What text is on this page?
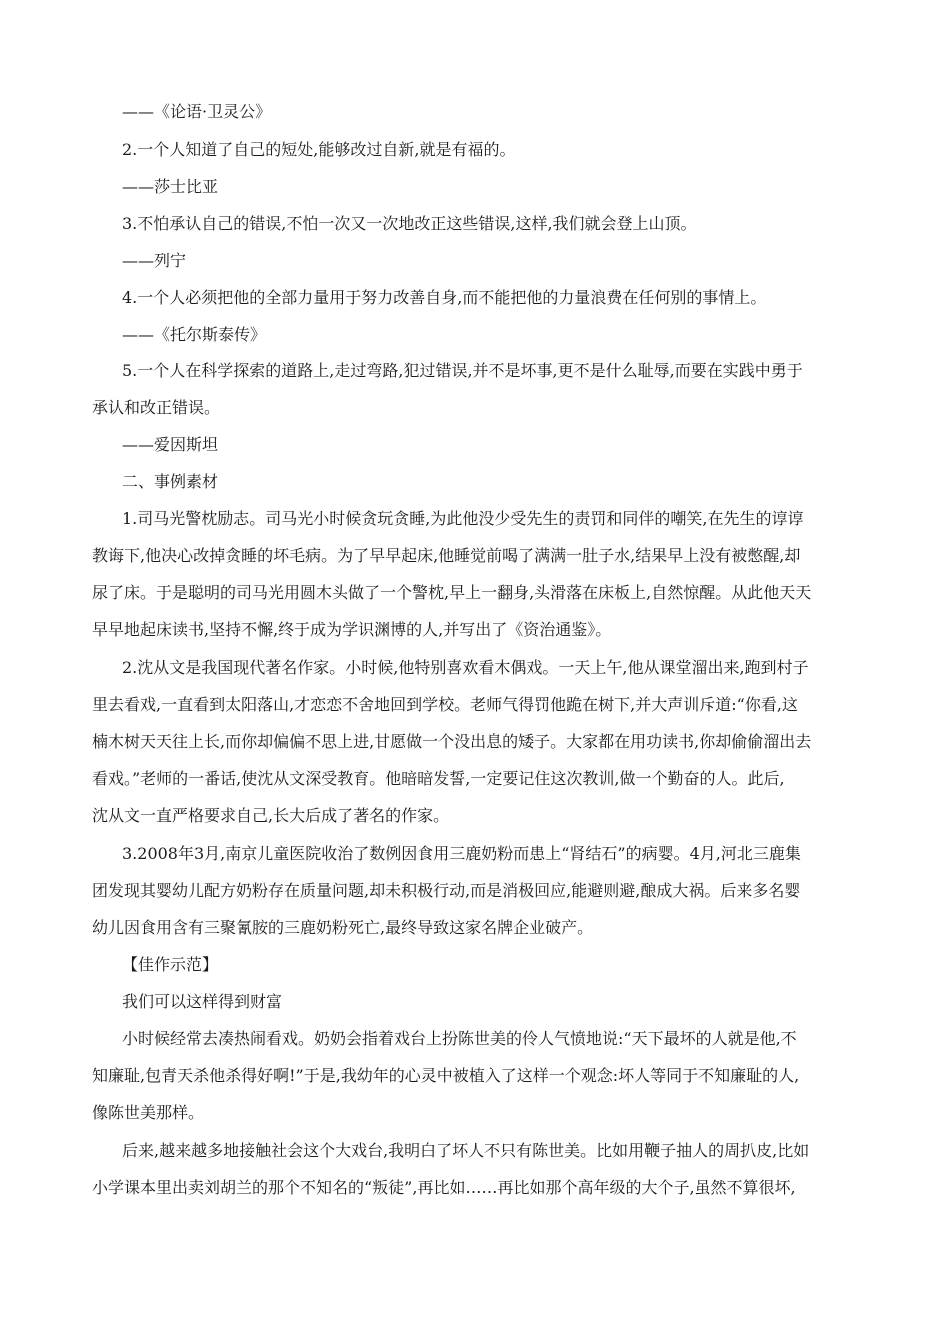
——《论语·卫灵公》
2.一个人知道了自己的短处,能够改过自新,就是有福的。
——莎士比亚
3.不怕承认自己的错误,不怕一次又一次地改正这些错误,这样,我们就会登上山顶。
——列宁
4.一个人必须把他的全部力量用于努力改善自身,而不能把他的力量浪费在任何别的事情上。
——《托尔斯泰传》
5.一个人在科学探索的道路上,走过弯路,犯过错误,并不是坏事,更不是什么耻辱,而要在实践中勇于
承认和改正错误。
——爱因斯坦
二、事例素材
1.司马光警枕励志。司马光小时候贪玩贪睡,为此他没少受先生的责罚和同伴的嘲笑,在先生的谆谆
教诲下,他决心改掉贪睡的坏毛病。为了早早起床,他睡觉前喝了满满一肚子水,结果早上没有被憋醒,却
尿了床。于是聪明的司马光用圆木头做了一个警枕,早上一翻身,头滑落在床板上,自然惊醒。从此他天天
早早地起床读书,坚持不懈,终于成为学识渊博的人,并写出了《资治通鉴》。
2.沈从文是我国现代著名作家。小时候,他特别喜欢看木偶戏。一天上午,他从课堂溜出来,跑到村子
里去看戏,一直看到太阳落山,才恋恋不舍地回到学校。老师气得罚他跪在树下,并大声训斥道:“你看,这
楠木树天天往上长,而你却偏偏不思上进,甘愿做一个没出息的矮子。大家都在用功读书,你却偷偷溜出去
看戏。”老师的一番话,使沈从文深受教育。他暗暗发誓,一定要记住这次教训,做一个勤奋的人。此后,
沈从文一直严格要求自己,长大后成了著名的作家。
3.2008年3月,南京儿童医院收治了数例因食用三鹿奶粉而患上“肾结石”的病婴。4月,河北三鹿集
团发现其婴幼儿配方奶粉存在质量问题,却未积极行动,而是消极回应,能避则避,酿成大祸。后来多名婴
幼儿因食用含有三聚氰胺的三鹿奶粉死亡,最终导致这家名牌企业破产。
【佳作示范】
我们可以这样得到财富
小时候经常去凑热闹看戏。奶奶会指着戏台上扮陈世美的伶人气愤地说:“天下最坏的人就是他,不
知廉耻,包青天杀他杀得好啊!”于是,我幼年的心灵中被植入了这样一个观念:坏人等同于不知廉耻的人,
像陈世美那样。
后来,越来越多地接触社会这个大戏台,我明白了坏人不只有陈世美。比如用鞭子抽人的周扒皮,比如
小学课本里出卖刘胡兰的那个不知名的“叛徒”,再比如……再比如那个高年级的大个子,虽然不算很坏,
